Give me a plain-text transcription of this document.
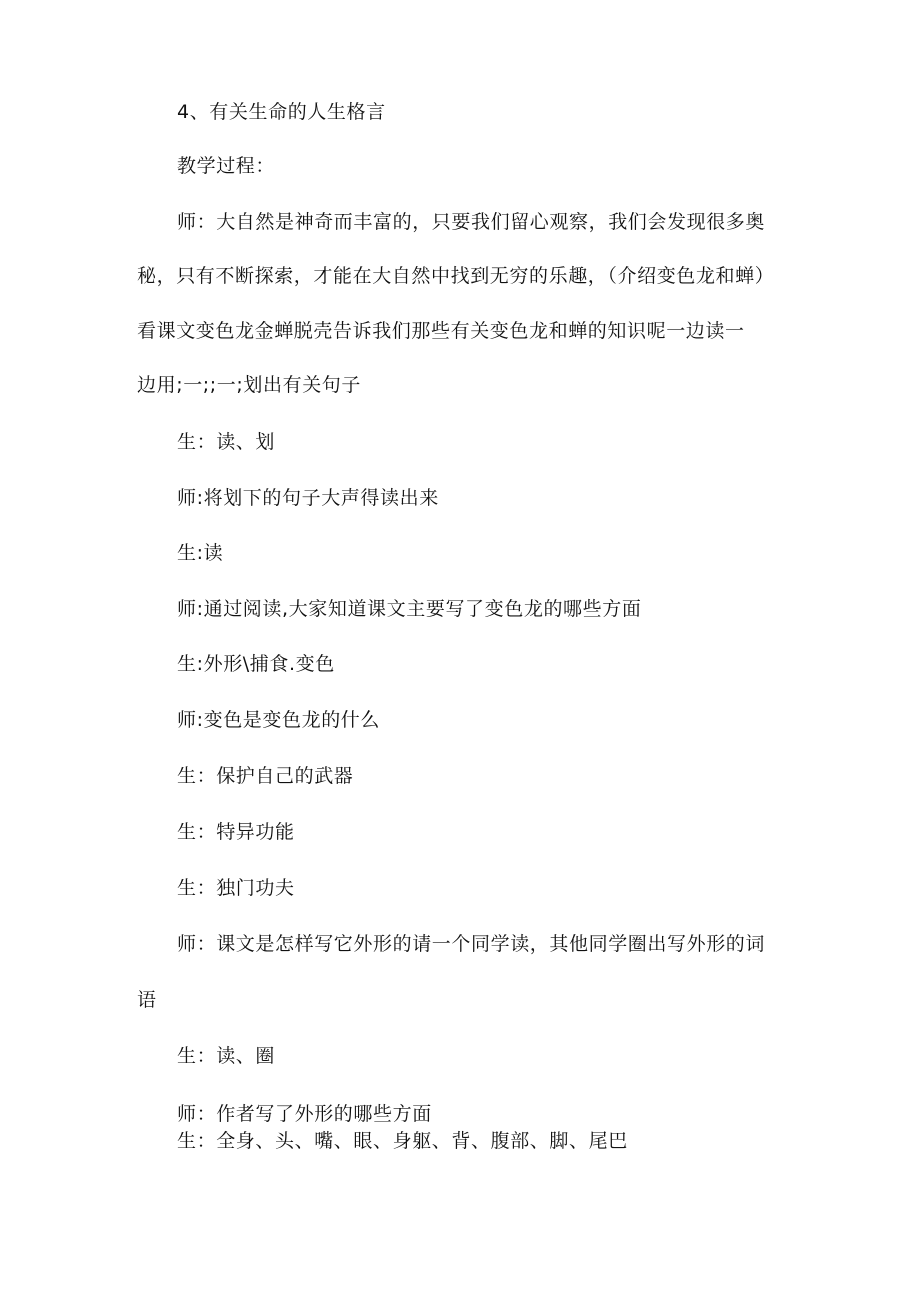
4、有关生命的人生格言
教学过程：
师：大自然是神奇而丰富的，只要我们留心观察，我们会发现很多奥
秘，只有不断探索，才能在大自然中找到无穷的乐趣，（介绍变色龙和蝉）
看课文变色龙金蝉脱壳告诉我们那些有关变色龙和蝉的知识呢一边读一
边用;一;;一;划出有关句子
生：读、划
师:将划下的句子大声得读出来
生:读
师:通过阅读,大家知道课文主要写了变色龙的哪些方面
生:外形\捕食.变色
师:变色是变色龙的什么
生：保护自己的武器
生：特异功能
生：独门功夫
师：课文是怎样写它外形的请一个同学读，其他同学圈出写外形的词
语
生：读、圈
师：作者写了外形的哪些方面
生：全身、头、嘴、眼、身躯、背、腹部、脚、尾巴
